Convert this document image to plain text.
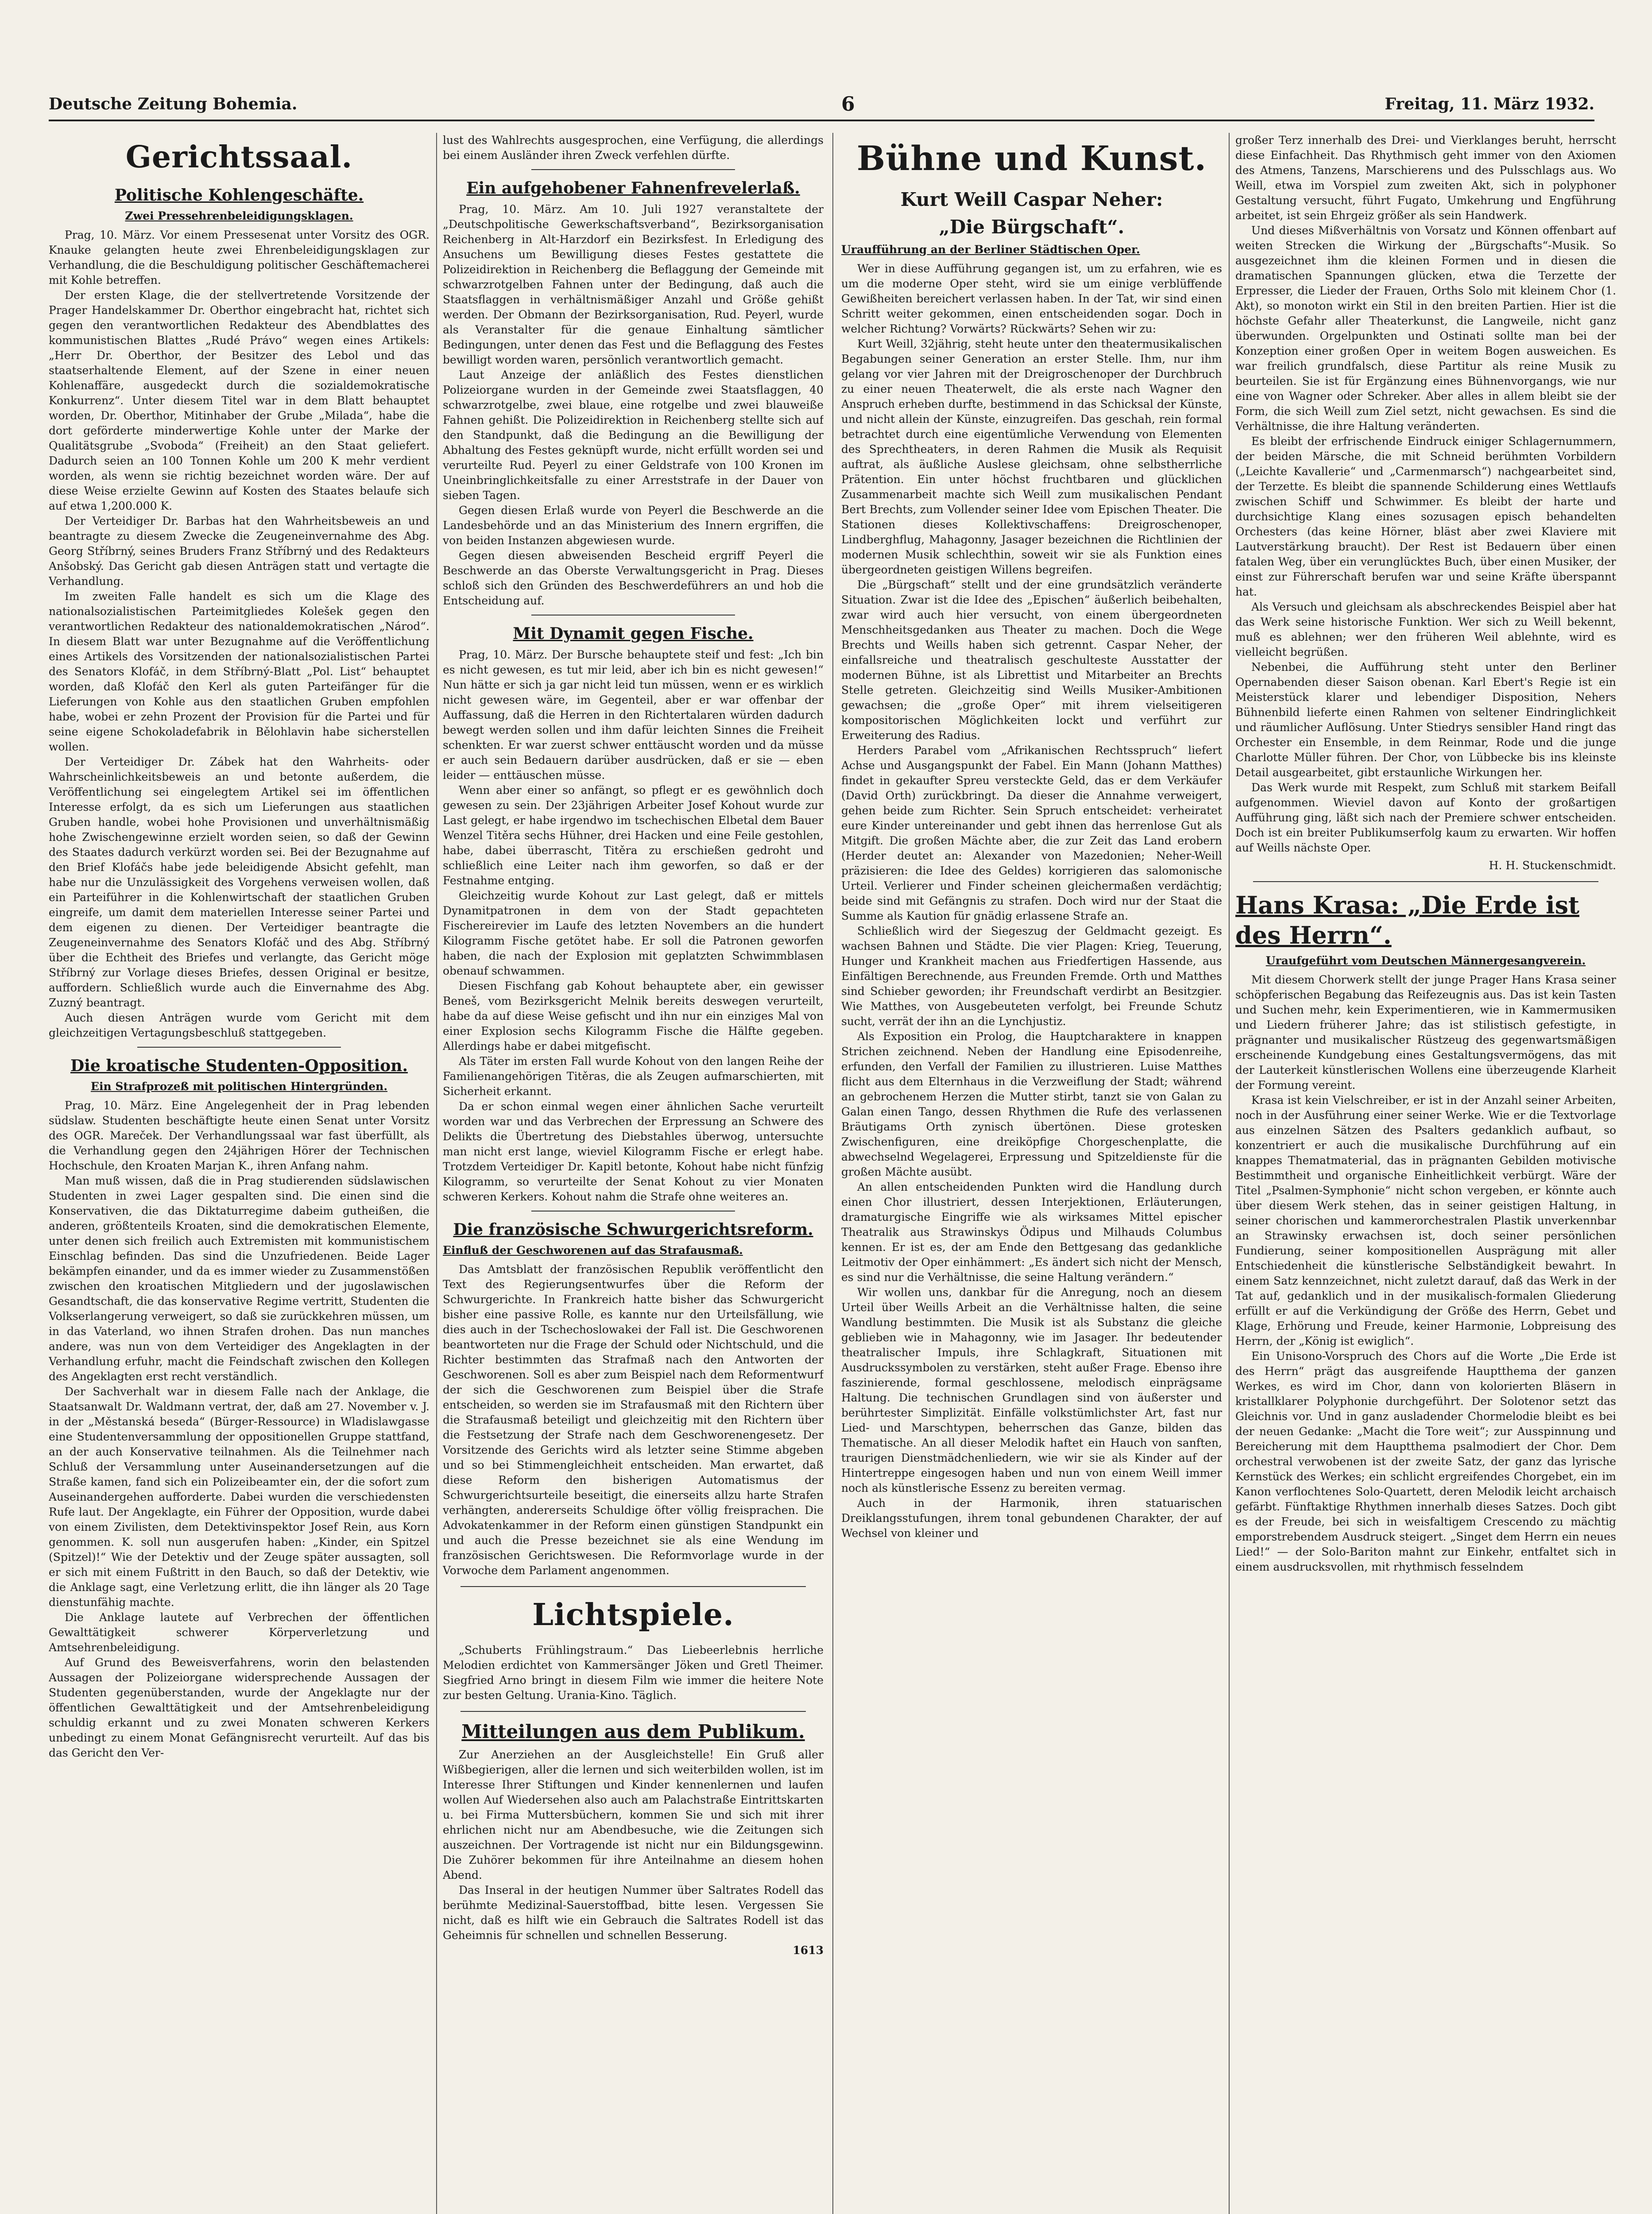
Deutsche Zeitung Bohemia.	6	Freitag, 11. März 1932.
Gerichtssaal.
Politische Kohlengeschäfte.
Zwei Pressehrenbeleidigungsklagen.

Prag, 10. März. Vor einem Pressesenat unter Vorsitz des OGR. Knauke gelangten heute zwei Ehrenbeleidigungsklagen zur Verhandlung, die die Beschuldigung politischer Geschäftemacherei mit Kohle betreffen.

Der ersten Klage, die der stellvertretende Vorsitzende der Prager Handelskammer Dr. Oberthor eingebracht hat, richtet sich gegen den verantwortlichen Redakteur des Abendblattes des kommunistischen Blattes „Rudé Právo“ wegen eines Artikels: „Herr Dr. Oberthor, der Besitzer des Lebol und das staatserhaltende Element, auf der Szene in einer neuen Kohlenaffäre, ausgedeckt durch die sozialdemokratische Konkurrenz“. Unter diesem Titel war in dem Blatt behauptet worden, Dr. Oberthor, Mitinhaber der Grube „Milada“, habe die dort geförderte minderwertige Kohle unter der Marke der Qualitätsgrube „Svoboda“ (Freiheit) an den Staat geliefert. Dadurch seien an 100 Tonnen Kohle um 200 K mehr verdient worden, als wenn sie richtig bezeichnet worden wäre. Der auf diese Weise erzielte Gewinn auf Kosten des Staates belaufe sich auf etwa 1,200.000 K.

Der Verteidiger Dr. Barbas hat den Wahrheitsbeweis an und beantragte zu diesem Zwecke die Zeugeneinvernahme des Abg. Georg Stříbrný, seines Bruders Franz Stříbrný und des Redakteurs Anšobský. Das Gericht gab diesen Anträgen statt und vertagte die Verhandlung.

Im zweiten Falle handelt es sich um die Klage des nationalsozialistischen Parteimitgliedes Kolešek gegen den verantwortlichen Redakteur des nationaldemokratischen „Národ“. In diesem Blatt war unter Bezugnahme auf die Veröffentlichung eines Artikels des Vorsitzenden der nationalsozialistischen Partei des Senators Klofáč, in dem Stříbrný-Blatt „Pol. List“ behauptet worden, daß Klofáč den Kerl als guten Parteifänger für die Lieferungen von Kohle aus den staatlichen Gruben empfohlen habe, wobei er zehn Prozent der Provision für die Partei und für seine eigene Schokoladefabrik in Bělohlavin habe sicherstellen wollen.

Der Verteidiger Dr. Zábek hat den Wahrheits- oder Wahrscheinlichkeitsbeweis an und betonte außerdem, die Veröffentlichung sei eingelegtem Artikel sei im öffentlichen Interesse erfolgt, da es sich um Lieferungen aus staatlichen Gruben handle, wobei hohe Provisionen und unverhältnismäßig hohe Zwischengewinne erzielt worden seien, so daß der Gewinn des Staates dadurch verkürzt worden sei. Bei der Bezugnahme auf den Brief Klofáčs habe jede beleidigende Absicht gefehlt, man habe nur die Unzulässigkeit des Vorgehens verweisen wollen, daß ein Parteiführer in die Kohlenwirtschaft der staatlichen Gruben eingreife, um damit dem materiellen Interesse seiner Partei und dem eigenen zu dienen. Der Verteidiger beantragte die Zeugeneinvernahme des Senators Klofáč und des Abg. Stříbrný über die Echtheit des Briefes und verlangte, das Gericht möge Stříbrný zur Vorlage dieses Briefes, dessen Original er besitze, auffordern. Schließlich wurde auch die Einvernahme des Abg. Zuzný beantragt.

Auch diesen Anträgen wurde vom Gericht mit dem gleichzeitigen Vertagungsbeschluß stattgegeben.

Die kroatische Studenten-Opposition.
Ein Strafprozeß mit politischen Hintergründen.

Prag, 10. März. Eine Angelegenheit der in Prag lebenden südslaw. Studenten beschäftigte heute einen Senat unter Vorsitz des OGR. Mareček. Der Verhandlungssaal war fast überfüllt, als die Verhandlung gegen den 24jährigen Hörer der Technischen Hochschule, den Kroaten Marjan K., ihren Anfang nahm.

Man muß wissen, daß die in Prag studierenden südslawischen Studenten in zwei Lager gespalten sind. Die einen sind die Konservativen, die das Diktaturregime dabeim gutheißen, die anderen, größtenteils Kroaten, sind die demokratischen Elemente, unter denen sich freilich auch Extremisten mit kommunistischem Einschlag befinden. Das sind die Unzufriedenen. Beide Lager bekämpfen einander, und da es immer wieder zu Zusammenstößen zwischen den kroatischen Mitgliedern und der jugoslawischen Gesandtschaft, die das konservative Regime vertritt, Studenten die Volkserlangerung verweigert, so daß sie zurückkehren müssen, um in das Vaterland, wo ihnen Strafen drohen. Das nun manches andere, was nun von dem Verteidiger des Angeklagten in der Verhandlung erfuhr, macht die Feindschaft zwischen den Kollegen des Angeklagten erst recht verständlich.

Der Sachverhalt war in diesem Falle nach der Anklage, die Staatsanwalt Dr. Waldmann vertrat, der, daß am 27. November v. J. in der „Městanská beseda“ (Bürger-Ressource) in Wladislawgasse eine Studentenversammlung der oppositionellen Gruppe stattfand, an der auch Konservative teilnahmen. Als die Teilnehmer nach Schluß der Versammlung unter Auseinandersetzungen auf die Straße kamen, fand sich ein Polizeibeamter ein, der die sofort zum Auseinandergehen aufforderte. Dabei wurden die verschiedensten Rufe laut. Der Angeklagte, ein Führer der Opposition, wurde dabei von einem Zivilisten, dem Detektivinspektor Josef Rein, aus Korn genommen. K. soll nun ausgerufen haben: „Kinder, ein Spitzel (Spitzel)!“ Wie der Detektiv und der Zeuge später aussagten, soll er sich mit einem Fußtritt in den Bauch, so daß der Detektiv, wie die Anklage sagt, eine Verletzung erlitt, die ihn länger als 20 Tage dienstunfähig machte.

Die Anklage lautete auf Verbrechen der öffentlichen Gewalttätigkeit schwerer Körperverletzung und Amtsehrenbeleidigung.

Auf Grund des Beweisverfahrens, worin den belastenden Aussagen der Polizeiorgane widersprechende Aussagen der Studenten gegenüberstanden, wurde der Angeklagte nur der öffentlichen Gewalttätigkeit und der Amtsehrenbeleidigung schuldig erkannt und zu zwei Monaten schweren Kerkers unbedingt zu einem Monat Gefängnisrecht verurteilt. Auf das bis das Gericht den Ver-

lust des Wahlrechts ausgesprochen, eine Verfügung, die allerdings bei einem Ausländer ihren Zweck verfehlen dürfte.

Ein aufgehobener Fahnenfrevelerlaß.

Prag, 10. März. Am 10. Juli 1927 veranstaltete der „Deutschpolitische Gewerkschaftsverband“, Bezirksorganisation Reichenberg in Alt-Harzdorf ein Bezirksfest. In Erledigung des Ansuchens um Bewilligung dieses Festes gestattete die Polizeidirektion in Reichenberg die Beflaggung der Gemeinde mit schwarzrotgelben Fahnen unter der Bedingung, daß auch die Staatsflaggen in verhältnismäßiger Anzahl und Größe gehißt werden. Der Obmann der Bezirksorganisation, Rud. Peyerl, wurde als Veranstalter für die genaue Einhaltung sämtlicher Bedingungen, unter denen das Fest und die Beflaggung des Festes bewilligt worden waren, persönlich verantwortlich gemacht.

Laut Anzeige der anläßlich des Festes dienstlichen Polizeiorgane wurden in der Gemeinde zwei Staatsflaggen, 40 schwarzrotgelbe, zwei blaue, eine rotgelbe und zwei blauweiße Fahnen gehißt. Die Polizeidirektion in Reichenberg stellte sich auf den Standpunkt, daß die Bedingung an die Bewilligung der Abhaltung des Festes geknüpft wurde, nicht erfüllt worden sei und verurteilte Rud. Peyerl zu einer Geldstrafe von 100 Kronen im Uneinbringlichkeitsfalle zu einer Arreststrafe in der Dauer von sieben Tagen.

Gegen diesen Erlaß wurde von Peyerl die Beschwerde an die Landesbehörde und an das Ministerium des Innern ergriffen, die von beiden Instanzen abgewiesen wurde.

Gegen diesen abweisenden Bescheid ergriff Peyerl die Beschwerde an das Oberste Verwaltungsgericht in Prag. Dieses schloß sich den Gründen des Beschwerdeführers an und hob die Entscheidung auf.

Mit Dynamit gegen Fische.

Prag, 10. März. Der Bursche behauptete steif und fest: „Ich bin es nicht gewesen, es tut mir leid, aber ich bin es nicht gewesen!“ Nun hätte er sich ja gar nicht leid tun müssen, wenn er es wirklich nicht gewesen wäre, im Gegenteil, aber er war offenbar der Auffassung, daß die Herren in den Richtertalaren würden dadurch bewegt werden sollen und ihm dafür leichten Sinnes die Freiheit schenkten. Er war zuerst schwer enttäuscht worden und da müsse er auch sein Bedauern darüber ausdrücken, daß er sie — eben leider — enttäuschen müsse.

Wenn aber einer so anfängt, so pflegt er es gewöhnlich doch gewesen zu sein. Der 23jährigen Arbeiter Josef Kohout wurde zur Last gelegt, er habe irgendwo im tschechischen Elbetal dem Bauer Wenzel Titěra sechs Hühner, drei Hacken und eine Feile gestohlen, habe, dabei überrascht, Titěra zu erschießen gedroht und schließlich eine Leiter nach ihm geworfen, so daß er der Festnahme entging.

Gleichzeitig wurde Kohout zur Last gelegt, daß er mittels Dynamitpatronen in dem von der Stadt gepachteten Fischereirevier im Laufe des letzten Novembers an die hundert Kilogramm Fische getötet habe. Er soll die Patronen geworfen haben, die nach der Explosion mit geplatzten Schwimmblasen obenauf schwammen.

Diesen Fischfang gab Kohout behauptete aber, ein gewisser Beneš, vom Bezirksgericht Melnik bereits deswegen verurteilt, habe da auf diese Weise gefischt und ihn nur ein einziges Mal von einer Explosion sechs Kilogramm Fische die Hälfte gegeben. Allerdings habe er dabei mitgefischt.

Als Täter im ersten Fall wurde Kohout von den langen Reihe der Familienangehörigen Titěras, die als Zeugen aufmarschierten, mit Sicherheit erkannt.

Da er schon einmal wegen einer ähnlichen Sache verurteilt worden war und das Verbrechen der Erpressung an Schwere des Delikts die Übertretung des Diebstahles überwog, untersuchte man nicht erst lange, wieviel Kilogramm Fische er erlegt habe. Trotzdem Verteidiger Dr. Kapitl betonte, Kohout habe nicht fünfzig Kilogramm, so verurteilte der Senat Kohout zu vier Monaten schweren Kerkers. Kohout nahm die Strafe ohne weiteres an.

Die französische Schwurgerichtsreform.
Einfluß der Geschworenen auf das Strafausmaß.

Das Amtsblatt der französischen Republik veröffentlicht den Text des Regierungsentwurfes über die Reform der Schwurgerichte. In Frankreich hatte bisher das Schwurgericht bisher eine passive Rolle, es kannte nur den Urteilsfällung, wie dies auch in der Tschechoslowakei der Fall ist. Die Geschworenen beantworteten nur die Frage der Schuld oder Nichtschuld, und die Richter bestimmten das Strafmaß nach den Antworten der Geschworenen. Soll es aber zum Beispiel nach dem Reformentwurf der sich die Geschworenen zum Beispiel über die Strafe entscheiden, so werden sie im Strafausmaß mit den Richtern über die Strafausmaß beteiligt und gleichzeitig mit den Richtern über die Festsetzung der Strafe nach dem Geschworenengesetz. Der Vorsitzende des Gerichts wird als letzter seine Stimme abgeben und so bei Stimmengleichheit entscheiden. Man erwartet, daß diese Reform den bisherigen Automatismus der Schwurgerichtsurteile beseitigt, die einerseits allzu harte Strafen verhängten, andererseits Schuldige öfter völlig freisprachen. Die Advokatenkammer in der Reform einen günstigen Standpunkt ein und auch die Presse bezeichnet sie als eine Wendung im französischen Gerichtswesen. Die Reformvorlage wurde in der Vorwoche dem Parlament angenommen.

Lichtspiele.

„Schuberts Frühlingstraum.“ Das Liebeerlebnis herrliche Melodien erdichtet von Kammersänger Jöken und Gretl Theimer. Siegfried Arno bringt in diesem Film wie immer die heitere Note zur besten Geltung. Urania-Kino. Täglich.

Mitteilungen aus dem Publikum.

Zur Anerziehen an der Ausgleichstelle! Ein Gruß aller Wißbegierigen, aller die lernen und sich weiterbilden wollen, ist im Interesse Ihrer Stiftungen und Kinder kennenlernen und laufen wollen Auf Wiedersehen also auch am Palachstraße Eintrittskarten u. bei Firma Muttersbüchern, kommen Sie und sich mit ihrer ehrlichen nicht nur am Abendbesuche, wie die Zeitungen sich auszeichnen. Der Vortragende ist nicht nur ein Bildungsgewinn. Die Zuhörer bekommen für ihre Anteilnahme an diesem hohen Abend.

Das Inseral in der heutigen Nummer über Saltrates Rodell das berühmte Medizinal-Sauerstoffbad, bitte lesen. Vergessen Sie nicht, daß es hilft wie ein Gebrauch die Saltrates Rodell ist das Geheimnis für schnellen und schnellen Besserung.

1613
Bühne und Kunst.
Kurt Weill Caspar Neher:
„Die Bürgschaft“.
Uraufführung an der Berliner Städtischen Oper.

Wer in diese Aufführung gegangen ist, um zu erfahren, wie es um die moderne Oper steht, wird sie um einige verblüffende Gewißheiten bereichert verlassen haben. In der Tat, wir sind einen Schritt weiter gekommen, einen entscheidenden sogar. Doch in welcher Richtung? Vorwärts? Rückwärts? Sehen wir zu:

Kurt Weill, 32jährig, steht heute unter den theatermusikalischen Begabungen seiner Generation an erster Stelle. Ihm, nur ihm gelang vor vier Jahren mit der Dreigroschenoper der Durchbruch zu einer neuen Theaterwelt, die als erste nach Wagner den Anspruch erheben durfte, bestimmend in das Schicksal der Künste, und nicht allein der Künste, einzugreifen. Das geschah, rein formal betrachtet durch eine eigentümliche Verwendung von Elementen des Sprechtheaters, in deren Rahmen die Musik als Requisit auftrat, als äußliche Auslese gleichsam, ohne selbstherrliche Prätention. Ein unter höchst fruchtbaren und glücklichen Zusammenarbeit machte sich Weill zum musikalischen Pendant Bert Brechts, zum Vollender seiner Idee vom Epischen Theater. Die Stationen dieses Kollektivschaffens: Dreigroschenoper, Lindberghflug, Mahagonny, Jasager bezeichnen die Richtlinien der modernen Musik schlechthin, soweit wir sie als Funktion eines übergeordneten geistigen Willens begreifen.

Die „Bürgschaft“ stellt und der eine grundsätzlich veränderte Situation. Zwar ist die Idee des „Epischen“ äußerlich beibehalten, zwar wird auch hier versucht, von einem übergeordneten Menschheitsgedanken aus Theater zu machen. Doch die Wege Brechts und Weills haben sich getrennt. Caspar Neher, der einfallsreiche und theatralisch geschulteste Ausstatter der modernen Bühne, ist als Librettist und Mitarbeiter an Brechts Stelle getreten. Gleichzeitig sind Weills Musiker-Ambitionen gewachsen; die „große Oper“ mit ihrem vielseitigeren kompositorischen Möglichkeiten lockt und verführt zur Erweiterung des Radius.

Herders Parabel vom „Afrikanischen Rechtsspruch“ liefert Achse und Ausgangspunkt der Fabel. Ein Mann (Johann Matthes) findet in gekaufter Spreu versteckte Geld, das er dem Verkäufer (David Orth) zurückbringt. Da dieser die Annahme verweigert, gehen beide zum Richter. Sein Spruch entscheidet: verheiratet eure Kinder untereinander und gebt ihnen das herrenlose Gut als Mitgift. Die großen Mächte aber, die zur Zeit das Land erobern (Herder deutet an: Alexander von Mazedonien; Neher-Weill präzisieren: die Idee des Geldes) korrigieren das salomonische Urteil. Verlierer und Finder scheinen gleichermaßen verdächtig; beide sind mit Gefängnis zu strafen. Doch wird nur der Staat die Summe als Kaution für gnädig erlassene Strafe an.

Schließlich wird der Siegeszug der Geldmacht gezeigt. Es wachsen Bahnen und Städte. Die vier Plagen: Krieg, Teuerung, Hunger und Krankheit machen aus Friedfertigen Hassende, aus Einfältigen Berechnende, aus Freunden Fremde. Orth und Matthes sind Schieber geworden; ihr Freundschaft verdirbt an Besitzgier. Wie Matthes, von Ausgebeuteten verfolgt, bei Freunde Schutz sucht, verrät der ihn an die Lynchjustiz.

Als Exposition ein Prolog, die Hauptcharaktere in knappen Strichen zeichnend. Neben der Handlung eine Episodenreihe, erfunden, den Verfall der Familien zu illustrieren. Luise Matthes flicht aus dem Elternhaus in die Verzweiflung der Stadt; während an gebrochenem Herzen die Mutter stirbt, tanzt sie von Galan zu Galan einen Tango, dessen Rhythmen die Rufe des verlassenen Bräutigams Orth zynisch übertönen. Diese grotesken Zwischenfiguren, eine dreiköpfige Chorgeschenplatte, die abwechselnd Wegelagerei, Erpressung und Spitzeldienste für die großen Mächte ausübt.

An allen entscheidenden Punkten wird die Handlung durch einen Chor illustriert, dessen Interjektionen, Erläuterungen, dramaturgische Eingriffe wie als wirksames Mittel epischer Theatralik aus Strawinskys Ödipus und Milhauds Columbus kennen. Er ist es, der am Ende den Bettgesang das gedankliche Leitmotiv der Oper einhämmert: „Es ändert sich nicht der Mensch, es sind nur die Verhältnisse, die seine Haltung verändern.“

Wir wollen uns, dankbar für die Anregung, noch an diesem Urteil über Weills Arbeit an die Verhältnisse halten, die seine Wandlung bestimmten. Die Musik ist als Substanz die gleiche geblieben wie in Mahagonny, wie im Jasager. Ihr bedeutender theatralischer Impuls, ihre Schlagkraft, Situationen mit Ausdruckssymbolen zu verstärken, steht außer Frage. Ebenso ihre faszinierende, formal geschlossene, melodisch einprägsame Haltung. Die technischen Grundlagen sind von äußerster und berührtester Simplizität. Einfälle volkstümlichster Art, fast nur Lied- und Marschtypen, beherrschen das Ganze, bilden das Thematische. An all dieser Melodik haftet ein Hauch von sanften, traurigen Dienstmädchenliedern, wie wir sie als Kinder auf der Hintertreppe eingesogen haben und nun von einem Weill immer noch als künstlerische Essenz zu bereiten vermag.

Auch in der Harmonik, ihren statuarischen Dreiklangsstufungen, ihrem tonal gebundenen Charakter, der auf Wechsel von kleiner und

großer Terz innerhalb des Drei- und Vierklanges beruht, herrscht diese Einfachheit. Das Rhythmisch geht immer von den Axiomen des Atmens, Tanzens, Marschierens und des Pulsschlags aus. Wo Weill, etwa im Vorspiel zum zweiten Akt, sich in polyphoner Gestaltung versucht, führt Fugato, Umkehrung und Engführung arbeitet, ist sein Ehrgeiz größer als sein Handwerk.

Und dieses Mißverhältnis von Vorsatz und Können offenbart auf weiten Strecken die Wirkung der „Bürgschafts“-Musik. So ausgezeichnet ihm die kleinen Formen und in diesen die dramatischen Spannungen glücken, etwa die Terzette der Erpresser, die Lieder der Frauen, Orths Solo mit kleinem Chor (1. Akt), so monoton wirkt ein Stil in den breiten Partien. Hier ist die höchste Gefahr aller Theaterkunst, die Langweile, nicht ganz überwunden. Orgelpunkten und Ostinati sollte man bei der Konzeption einer großen Oper in weitem Bogen ausweichen. Es war freilich grundfalsch, diese Partitur als reine Musik zu beurteilen. Sie ist für Ergänzung eines Bühnenvorgangs, wie nur eine von Wagner oder Schreker. Aber alles in allem bleibt sie der Form, die sich Weill zum Ziel setzt, nicht gewachsen. Es sind die Verhältnisse, die ihre Haltung veränderten.

Es bleibt der erfrischende Eindruck einiger Schlagernummern, der beiden Märsche, die mit Schneid berühmten Vorbildern („Leichte Kavallerie“ und „Carmenmarsch“) nachgearbeitet sind, der Terzette. Es bleibt die spannende Schilderung eines Wettlaufs zwischen Schiff und Schwimmer. Es bleibt der harte und durchsichtige Klang eines sozusagen episch behandelten Orchesters (das keine Hörner, bläst aber zwei Klaviere mit Lautverstärkung braucht). Der Rest ist Bedauern über einen fatalen Weg, über ein verunglücktes Buch, über einen Musiker, der einst zur Führerschaft berufen war und seine Kräfte überspannt hat.

Als Versuch und gleichsam als abschreckendes Beispiel aber hat das Werk seine historische Funktion. Wer sich zu Weill bekennt, muß es ablehnen; wer den früheren Weil ablehnte, wird es vielleicht begrüßen.

Nebenbei, die Aufführung steht unter den Berliner Opernabenden dieser Saison obenan. Karl Ebert's Regie ist ein Meisterstück klarer und lebendiger Disposition, Nehers Bühnenbild lieferte einen Rahmen von seltener Eindringlichkeit und räumlicher Auflösung. Unter Stiedrys sensibler Hand ringt das Orchester ein Ensemble, in dem Reinmar, Rode und die junge Charlotte Müller führen. Der Chor, von Lübbecke bis ins kleinste Detail ausgearbeitet, gibt erstaunliche Wirkungen her.

Das Werk wurde mit Respekt, zum Schluß mit starkem Beifall aufgenommen. Wieviel davon auf Konto der großartigen Aufführung ging, läßt sich nach der Premiere schwer entscheiden. Doch ist ein breiter Publikumserfolg kaum zu erwarten. Wir hoffen auf Weills nächste Oper.

H. H. Stuckenschmidt.
Hans Krasa: „Die Erde ist des Herrn“.
Uraufgeführt vom Deutschen Männergesangverein.

Mit diesem Chorwerk stellt der junge Prager Hans Krasa seiner schöpferischen Begabung das Reifezeugnis aus. Das ist kein Tasten und Suchen mehr, kein Experimentieren, wie in Kammermusiken und Liedern früherer Jahre; das ist stilistisch gefestigte, in prägnanter und musikalischer Rüstzeug des gegenwartsmäßigen erscheinende Kundgebung eines Gestaltungsvermögens, das mit der Lauterkeit künstlerischen Wollens eine überzeugende Klarheit der Formung vereint.

Krasa ist kein Vielschreiber, er ist in der Anzahl seiner Arbeiten, noch in der Ausführung einer seiner Werke. Wie er die Textvorlage aus einzelnen Sätzen des Psalters gedanklich aufbaut, so konzentriert er auch die musikalische Durchführung auf ein knappes Thematmaterial, das in prägnanten Gebilden motivische Bestimmtheit und organische Einheitlichkeit verbürgt. Wäre der Titel „Psalmen-Symphonie“ nicht schon vergeben, er könnte auch über diesem Werk stehen, das in seiner geistigen Haltung, in seiner chorischen und kammerorchestralen Plastik unverkennbar an Strawinsky erwachsen ist, doch seiner persönlichen Fundierung, seiner kompositionellen Ausprägung mit aller Entschiedenheit die künstlerische Selbständigkeit bewahrt. In einem Satz kennzeichnet, nicht zuletzt darauf, daß das Werk in der Tat auf, gedanklich und in der musikalisch-formalen Gliederung erfüllt er auf die Verkündigung der Größe des Herrn, Gebet und Klage, Erhörung und Freude, keiner Harmonie, Lobpreisung des Herrn, der „König ist ewiglich“.

Ein Unisono-Vorspruch des Chors auf die Worte „Die Erde ist des Herrn“ prägt das ausgreifende Hauptthema der ganzen Werkes, es wird im Chor, dann von kolorierten Bläsern in kristallklarer Polyphonie durchgeführt. Der Solotenor setzt das Gleichnis vor. Und in ganz ausladender Chormelodie bleibt es bei der neuen Gedanke: „Macht die Tore weit“; zur Ausspinnung und Bereicherung mit dem Hauptthema psalmodiert der Chor. Dem orchestral verwobenen ist der zweite Satz, der ganz das lyrische Kernstück des Werkes; ein schlicht ergreifendes Chorgebet, ein im Kanon verflochtenes Solo-Quartett, deren Melodik leicht archaisch gefärbt. Fünftaktige Rhythmen innerhalb dieses Satzes. Doch gibt es der Freude, bei sich in weisfaltigem Crescendo zu mächtig emporstrebendem Ausdruck steigert. „Singet dem Herrn ein neues Lied!“ — der Solo-Bariton mahnt zur Einkehr, entfaltet sich in einem ausdrucksvollen, mit rhythmisch fesselndem
